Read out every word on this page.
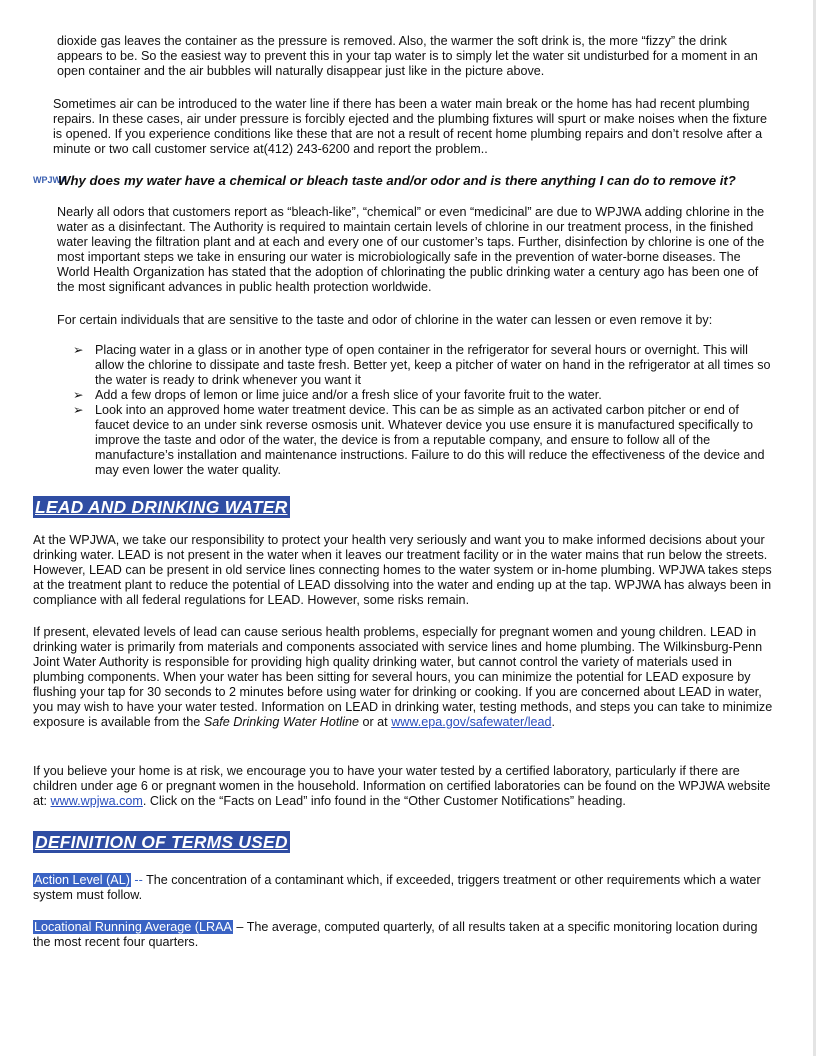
dioxide gas leaves the container as the pressure is removed. Also, the warmer the soft drink is, the more “fizzy” the drink appears to be. So the easiest way to prevent this in your tap water is to simply let the water sit undisturbed for a moment in an open container and the air bubbles will naturally disappear just like in the picture above.

Sometimes air can be introduced to the water line if there has been a water main break or the home has had recent plumbing repairs. In these cases, air under pressure is forcibly ejected and the plumbing fixtures will spurt or make noises when the fixture is opened. If you experience conditions like these that are not a result of recent home plumbing repairs and don’t resolve after a minute or two call customer service at(412) 243-6200 and report the problem..

WPJWA

Why does my water have a chemical or bleach taste and/or odor and is there anything I can do to remove it?

Nearly all odors that customers report as “bleach-like”, “chemical” or even “medicinal” are due to WPJWA adding chlorine in the water as a disinfectant. The Authority is required to maintain certain levels of chlorine in our treatment process, in the finished water leaving the filtration plant and at each and every one of our customer’s taps. Further, disinfection by chlorine is one of the most important steps we take in ensuring our water is microbiologically safe in the prevention of water-borne diseases. The World Health Organization has stated that the adoption of chlorinating the public drinking water a century ago has been one of the most significant advances in public health protection worldwide.

For certain individuals that are sensitive to the taste and odor of chlorine in the water can lessen or even remove it by:

➢ Placing water in a glass or in another type of open container in the refrigerator for several hours or overnight. This will allow the chlorine to dissipate and taste fresh. Better yet, keep a pitcher of water on hand in the refrigerator at all times so the water is ready to drink whenever you want it
➢ Add a few drops of lemon or lime juice and/or a fresh slice of your favorite fruit to the water.
➢ Look into an approved home water treatment device. This can be as simple as an activated carbon pitcher or end of faucet device to an under sink reverse osmosis unit. Whatever device you use ensure it is manufactured specifically to improve the taste and odor of the water, the device is from a reputable company, and ensure to follow all of the manufacture’s installation and maintenance instructions. Failure to do this will reduce the effectiveness of the device and may even lower the water quality.
LEAD AND DRINKING WATER

At the WPJWA, we take our responsibility to protect your health very seriously and want you to make informed decisions about your drinking water. LEAD is not present in the water when it leaves our treatment facility or in the water mains that run below the streets. However, LEAD can be present in old service lines connecting homes to the water system or in-home plumbing. WPJWA takes steps at the treatment plant to reduce the potential of LEAD dissolving into the water and ending up at the tap. WPJWA has always been in compliance with all federal regulations for LEAD. However, some risks remain.

If present, elevated levels of lead can cause serious health problems, especially for pregnant women and young children. LEAD in drinking water is primarily from materials and components associated with service lines and home plumbing. The Wilkinsburg-Penn Joint Water Authority is responsible for providing high quality drinking water, but cannot control the variety of materials used in plumbing components. When your water has been sitting for several hours, you can minimize the potential for LEAD exposure by flushing your tap for 30 seconds to 2 minutes before using water for drinking or cooking. If you are concerned about LEAD in water, you may wish to have your water tested. Information on LEAD in drinking water, testing methods, and steps you can take to minimize exposure is available from the Safe Drinking Water Hotline or at www.epa.gov/safewater/lead.

If you believe your home is at risk, we encourage you to have your water tested by a certified laboratory, particularly if there are children under age 6 or pregnant women in the household. Information on certified laboratories can be found on the WPJWA website at: www.wpjwa.com. Click on the “Facts on Lead” info found in the “Other Customer Notifications” heading.

DEFINITION OF TERMS USED

Action Level (AL) -- The concentration of a contaminant which, if exceeded, triggers treatment or other requirements which a water system must follow.

Locational Running Average (LRAA – The average, computed quarterly, of all results taken at a specific monitoring location during the most recent four quarters.
